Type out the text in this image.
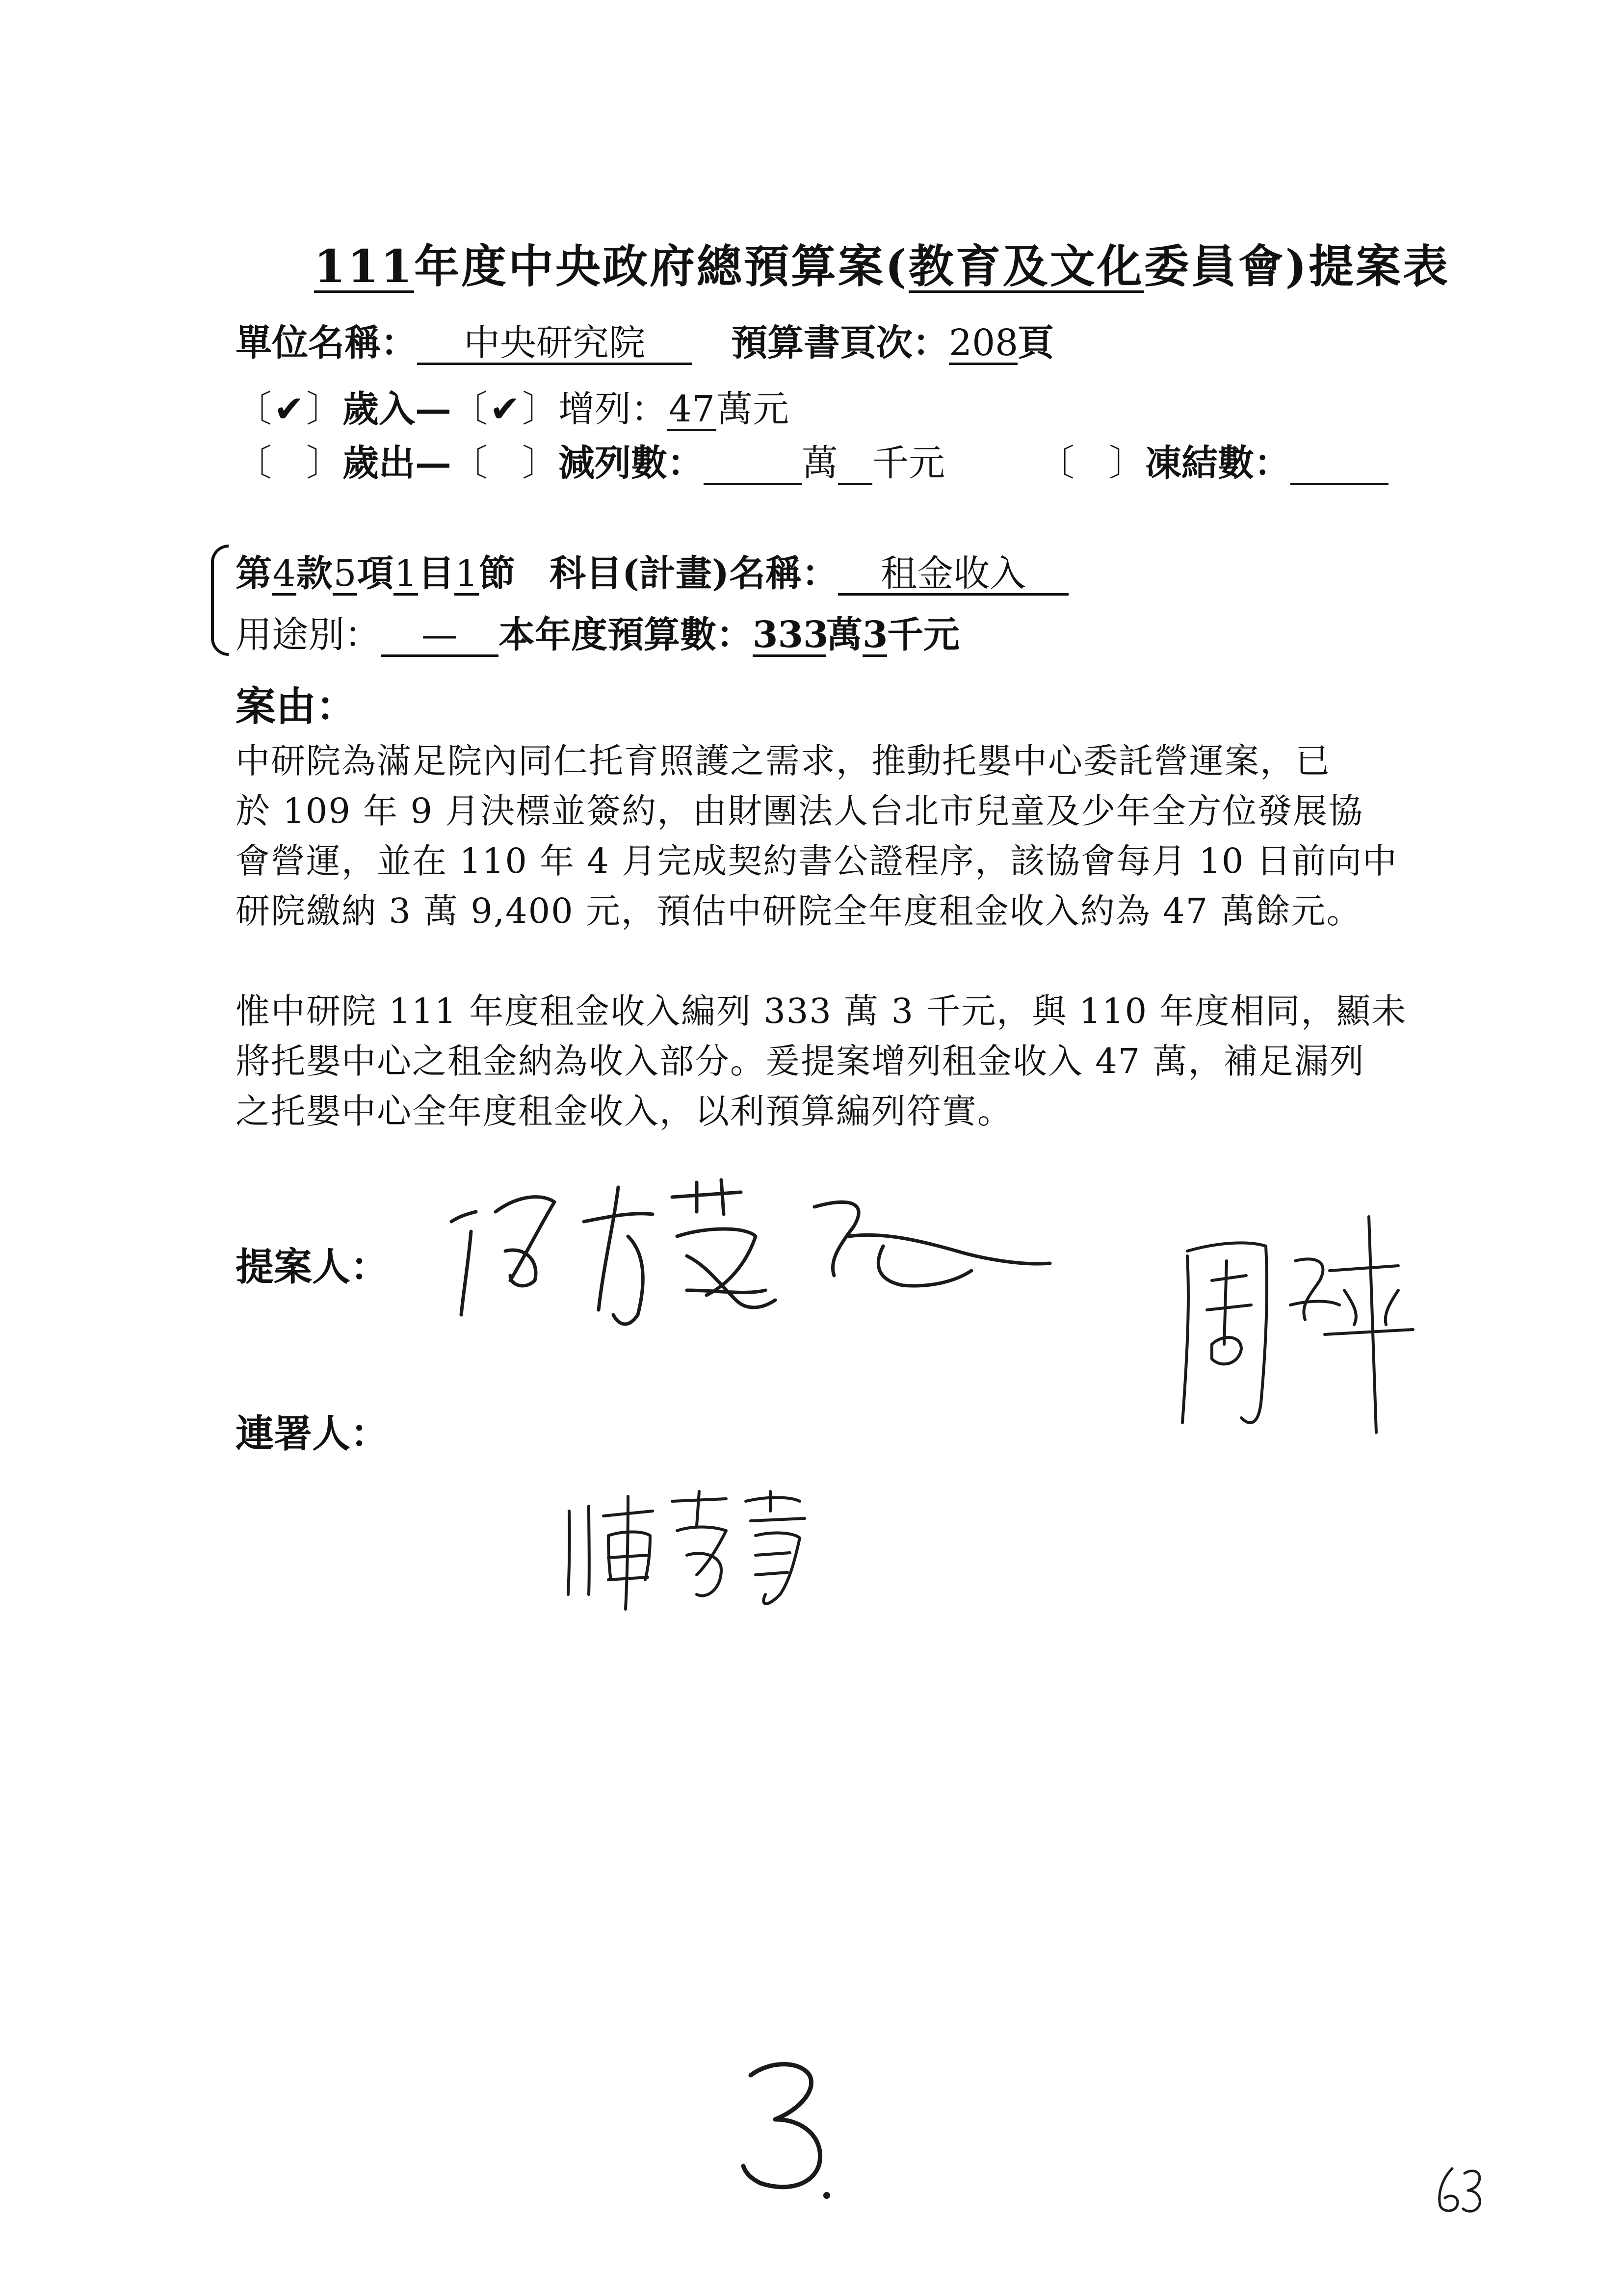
111年度中央政府總預算案(教育及文化委員會)提案表
單位名稱： 中央研究院 預算書頁次：208頁
〔✔〕歲入—〔✔〕增列：47萬元
〔 〕歲出—〔 〕減列數：	萬 千元	〔 〕凍結數：
第4款5項1目1節 科目(計畫)名稱： 租金收入
用途別： — 本年度預算數：333萬3千元
案由：

中研院為滿足院內同仁托育照護之需求，推動托嬰中心委託營運案，已

於 109 年 9 月決標並簽約，由財團法人台北市兒童及少年全方位發展協

會營運，並在 110 年 4 月完成契約書公證程序，該協會每月 10 日前向中

研院繳納 3 萬 9,400 元，預估中研院全年度租金收入約為 47 萬餘元。

惟中研院 111 年度租金收入編列 333 萬 3 千元，與 110 年度相同，顯未

將托嬰中心之租金納為收入部分。爰提案增列租金收入 47 萬，補足漏列

之托嬰中心全年度租金收入，以利預算編列符實。

提案人：
連署人：
